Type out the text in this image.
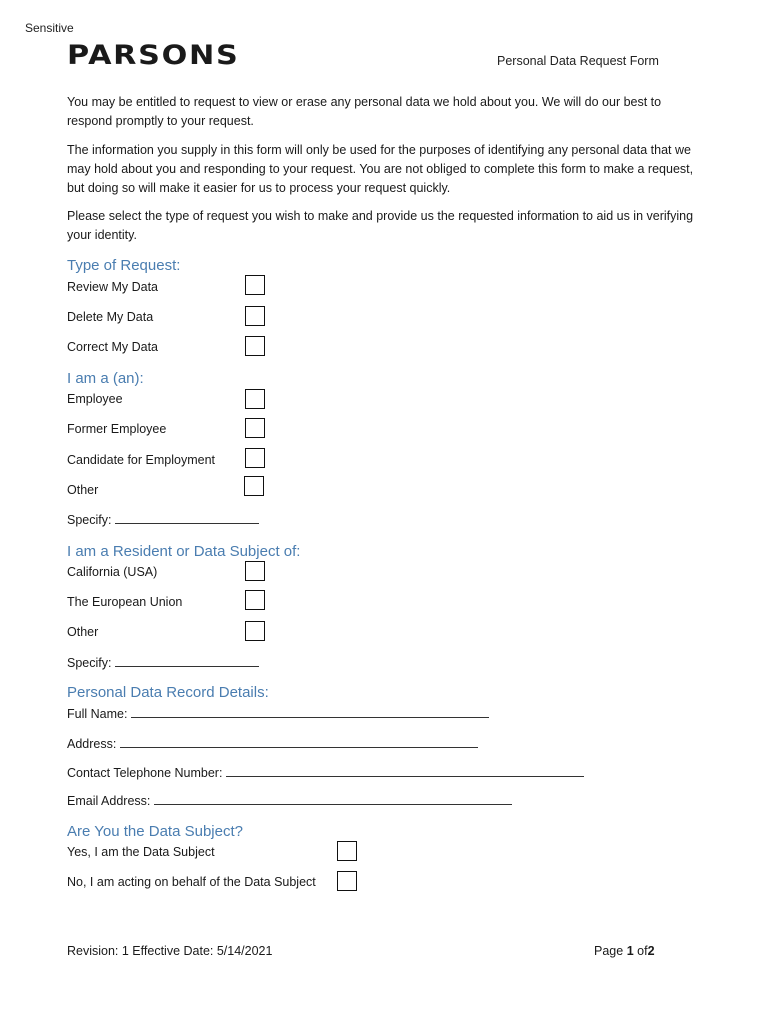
Sensitive
PARSONS	Personal Data Request Form
You may be entitled to request to view or erase any personal data we hold about you. We will do our best to respond promptly to your request.
The information you supply in this form will only be used for the purposes of identifying any personal data that we may hold about you and responding to your request. You are not obliged to complete this form to make a request, but doing so will make it easier for us to process your request quickly.
Please select the type of request you wish to make and provide us the requested information to aid us in verifying your identity.
Type of Request:
Review My Data
Delete My Data
Correct My Data
I am a (an):
Employee
Former Employee
Candidate for Employment
Other
Specify:
I am a Resident or Data Subject of:
California (USA)
The European Union
Other
Specify:
Personal Data Record Details:
Full Name:
Address:
Contact Telephone Number:
Email Address:
Are You the Data Subject?
Yes, I am the Data Subject
No, I am acting on behalf of the Data Subject
Revision: 1 Effective Date: 5/14/2021	Page 1 of2
